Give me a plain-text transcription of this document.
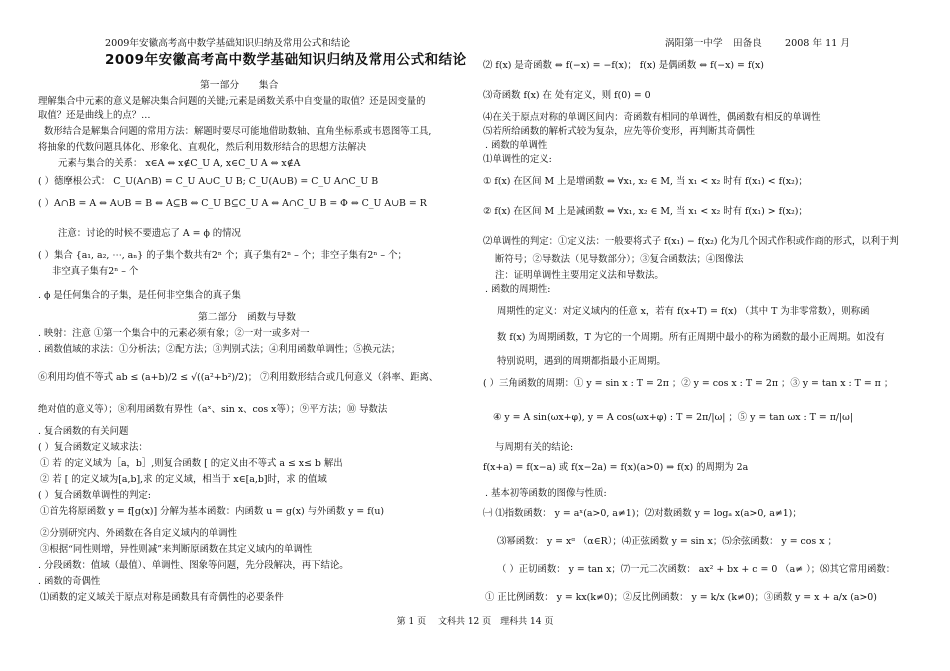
2009年安徽高考高中数学基础知识归纳及常用公式和结论
2009年安徽高考高中数学基础知识归纳及常用公式和结论
第一部分　　集合
理解集合中元素的意义是解决集合问题的关键;元素是函数关系中自变量的取值？还是因变量的
取值？还是曲线上的点？…
数形结合是解集合问题的常用方法：解题时要尽可能地借助数轴、直角坐标系或韦恩图等工具,
将抽象的代数问题具体化、形象化、直观化，然后利用数形结合的思想方法解决
元素与集合的关系： x∈A ⇔ x∉C_U A, x∈C_U A ⇔ x∉A
( ）德摩根公式： C_U(A∩B) = C_U A∪C_U B; C_U(A∪B) = C_U A∩C_U B
( ）A∩B = A ⇔ A∪B = B ⇔ A⊆B ⇔ C_U B⊆C_U A ⇔ A∩C_U B = Φ ⇔ C_U A∪B = R
注意：讨论的时候不要遗忘了 A = ϕ 的情况
( ）集合 {a₁, a₂, ⋯, aₙ} 的子集个数共有2ⁿ 个；真子集有2ⁿ – 个；非空子集有2ⁿ – 个；
非空真子集有2ⁿ – 个
. ϕ 是任何集合的子集，是任何非空集合的真子集
第二部分　函数与导数
. 映射：注意 ①第一个集合中的元素必须有象；②一对一或多对一
. 函数值域的求法：①分析法；②配方法；③判别式法；④利用函数单调性；⑤换元法；
⑥利用均值不等式 ab ≤ (a+b)/2 ≤ √((a²+b²)/2)； ⑦利用数形结合或几何意义（斜率、距离、
绝对值的意义等）；⑧利用函数有界性（aˣ、sin x、cos x等）；⑨平方法；⑩ 导数法
. 复合函数的有关问题
( ）复合函数定义域求法：
① 若 的定义域为［a，b］,则复合函数 [ 的定义由不等式 a ≤ x≤ b 解出
② 若 [ 的定义域为[a,b],求 的定义域，相当于 x∈[a,b]时，求 的值域
( ）复合函数单调性的判定:
①首先将原函数 y = f[g(x)] 分解为基本函数：内函数 u = g(x) 与外函数 y = f(u)
②分别研究内、外函数在各自定义域内的单调性
③根据“同性则增，异性则减”来判断原函数在其定义域内的单调性
. 分段函数：值域（最值）、单调性、图象等问题，先分段解决，再下结论。
. 函数的奇偶性
⑴函数的定义域关于原点对称是函数具有奇偶性的必要条件
涡阳第一中学 田备良 2008 年 11 月
⑵ f(x) 是奇函数 ⇔ f(−x) = −f(x)； f(x) 是偶函数 ⇔ f(−x) = f(x)
⑶奇函数 f(x) 在 处有定义，则 f(0) = 0
⑷在关于原点对称的单调区间内：奇函数有相同的单调性，偶函数有相反的单调性
⑸若所给函数的解析式较为复杂，应先等价变形，再判断其奇偶性
. 函数的单调性
⑴单调性的定义:
① f(x) 在区间 M 上是增函数 ⇔ ∀x₁, x₂ ∈ M, 当 x₁ < x₂ 时有 f(x₁) < f(x₂)；
② f(x) 在区间 M 上是减函数 ⇔ ∀x₁, x₂ ∈ M, 当 x₁ < x₂ 时有 f(x₁) > f(x₂)；
⑵单调性的判定：①定义法：一般要将式子 f(x₁) − f(x₂) 化为几个因式作积或作商的形式，以利于判
断符号；②导数法（见导数部分）；③复合函数法；④图像法
注：证明单调性主要用定义法和导数法。
. 函数的周期性:
周期性的定义：对定义域内的任意 x，若有 f(x+T) = f(x) （其中 T 为非零常数），则称函
数 f(x) 为周期函数，T 为它的一个周期。所有正周期中最小的称为函数的最小正周期。如没有
特别说明，遇到的周期都指最小正周期。
( ）三角函数的周期：① y = sin x : T = 2π ；② y = cos x : T = 2π ；③ y = tan x : T = π ；
④ y = A sin(ωx+φ), y = A cos(ωx+φ) : T = 2π/|ω| ；⑤ y = tan ωx : T = π/|ω|
与周期有关的结论:
f(x+a) = f(x−a) 或 f(x−2a) = f(x)(a>0) ⇒ f(x) 的周期为 2a
. 基本初等函数的图像与性质:
㈠ ⑴指数函数： y = aˣ(a>0, a≠1)；⑵对数函数 y = logₐ x(a>0, a≠1)；
⑶幂函数： y = xᵅ （α∈R）；⑷正弦函数 y = sin x；⑸余弦函数： y = cos x ；
（ ）正切函数： y = tan x；⑺一元二次函数： ax² + bx + c = 0 （a≠ ）；⑻其它常用函数：
① 正比例函数： y = kx(k≠0)；②反比例函数： y = k/x (k≠0)；③函数 y = x + a/x (a>0)
第 1 页　 文科共 12 页　理科共 14 页
